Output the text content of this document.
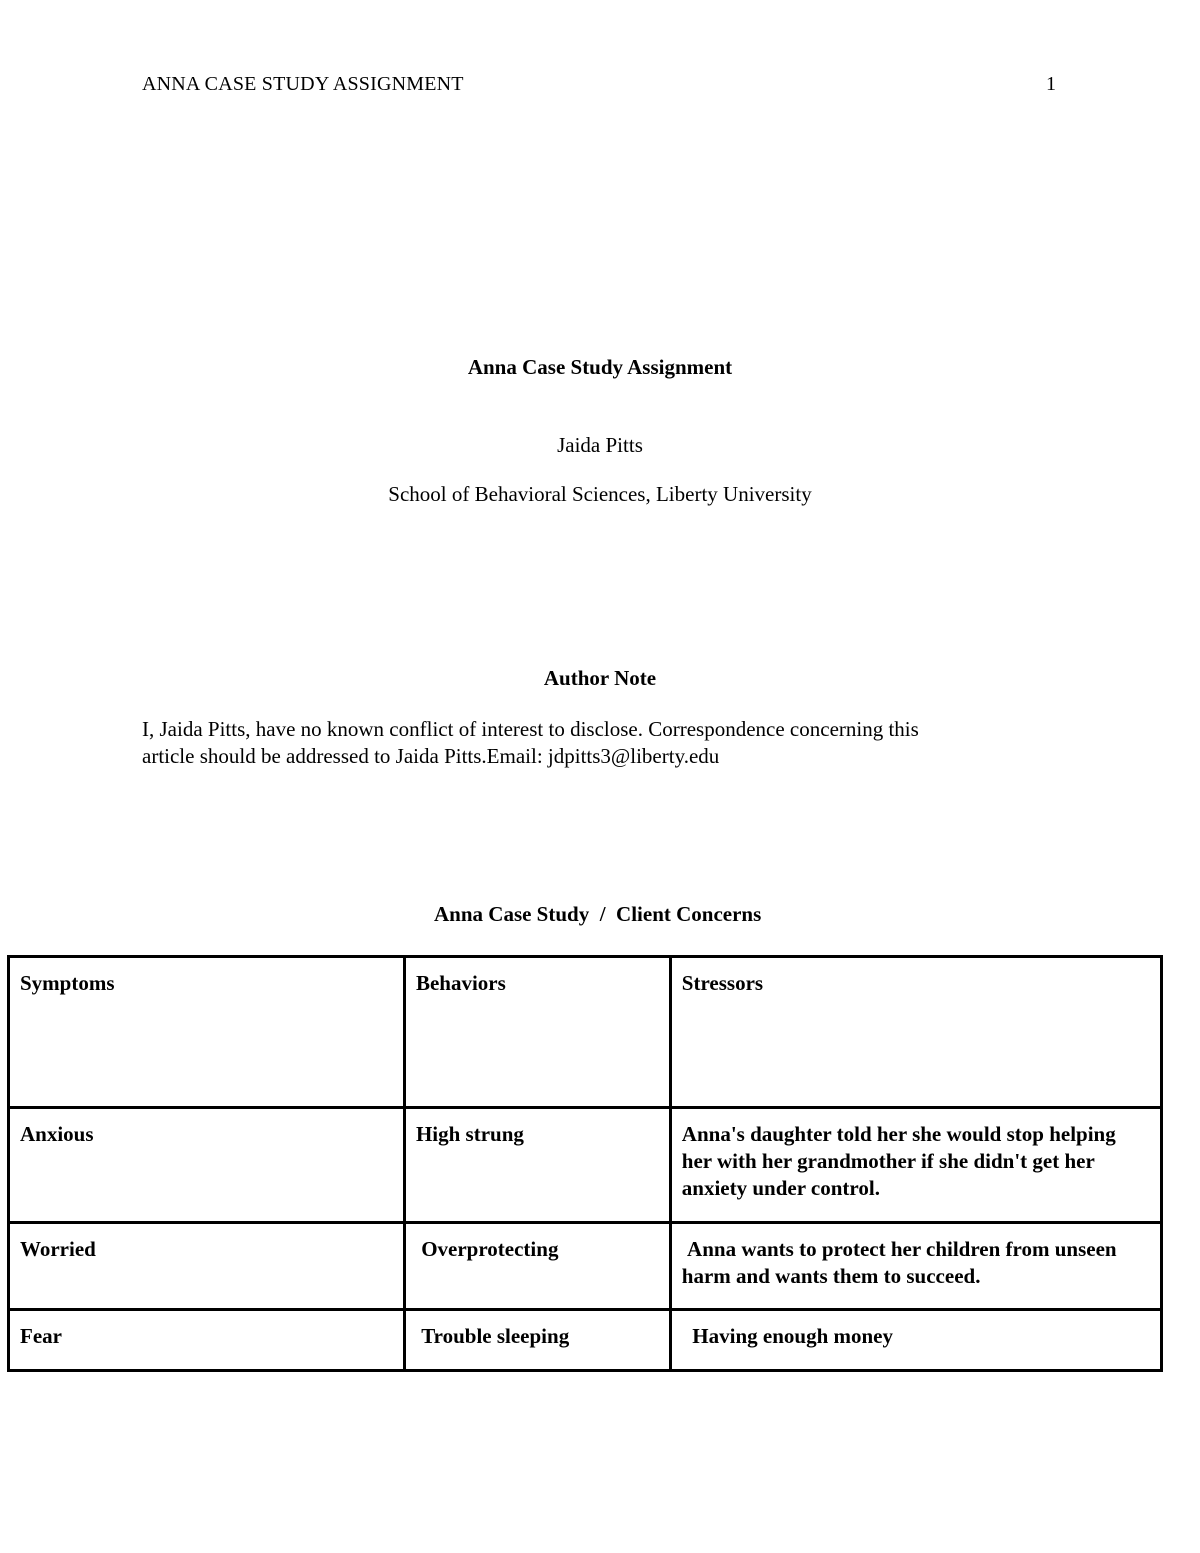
ANNA CASE STUDY ASSIGNMENT	1
Anna Case Study Assignment
Jaida Pitts
School of Behavioral Sciences, Liberty University
Author Note
I, Jaida Pitts, have no known conflict of interest to disclose. Correspondence concerning this
article should be addressed to Jaida Pitts.Email: jdpitts3@liberty.edu
Anna Case Study  /  Client Concerns
Symptoms	Behaviors	Stressors
Anxious	High strung	Anna's daughter told her she would stop helping her with her grandmother if she didn't get her anxiety under control.
Worried	Overprotecting	Anna wants to protect her children from unseen harm and wants them to succeed.
Fear	Trouble sleeping	Having enough money
